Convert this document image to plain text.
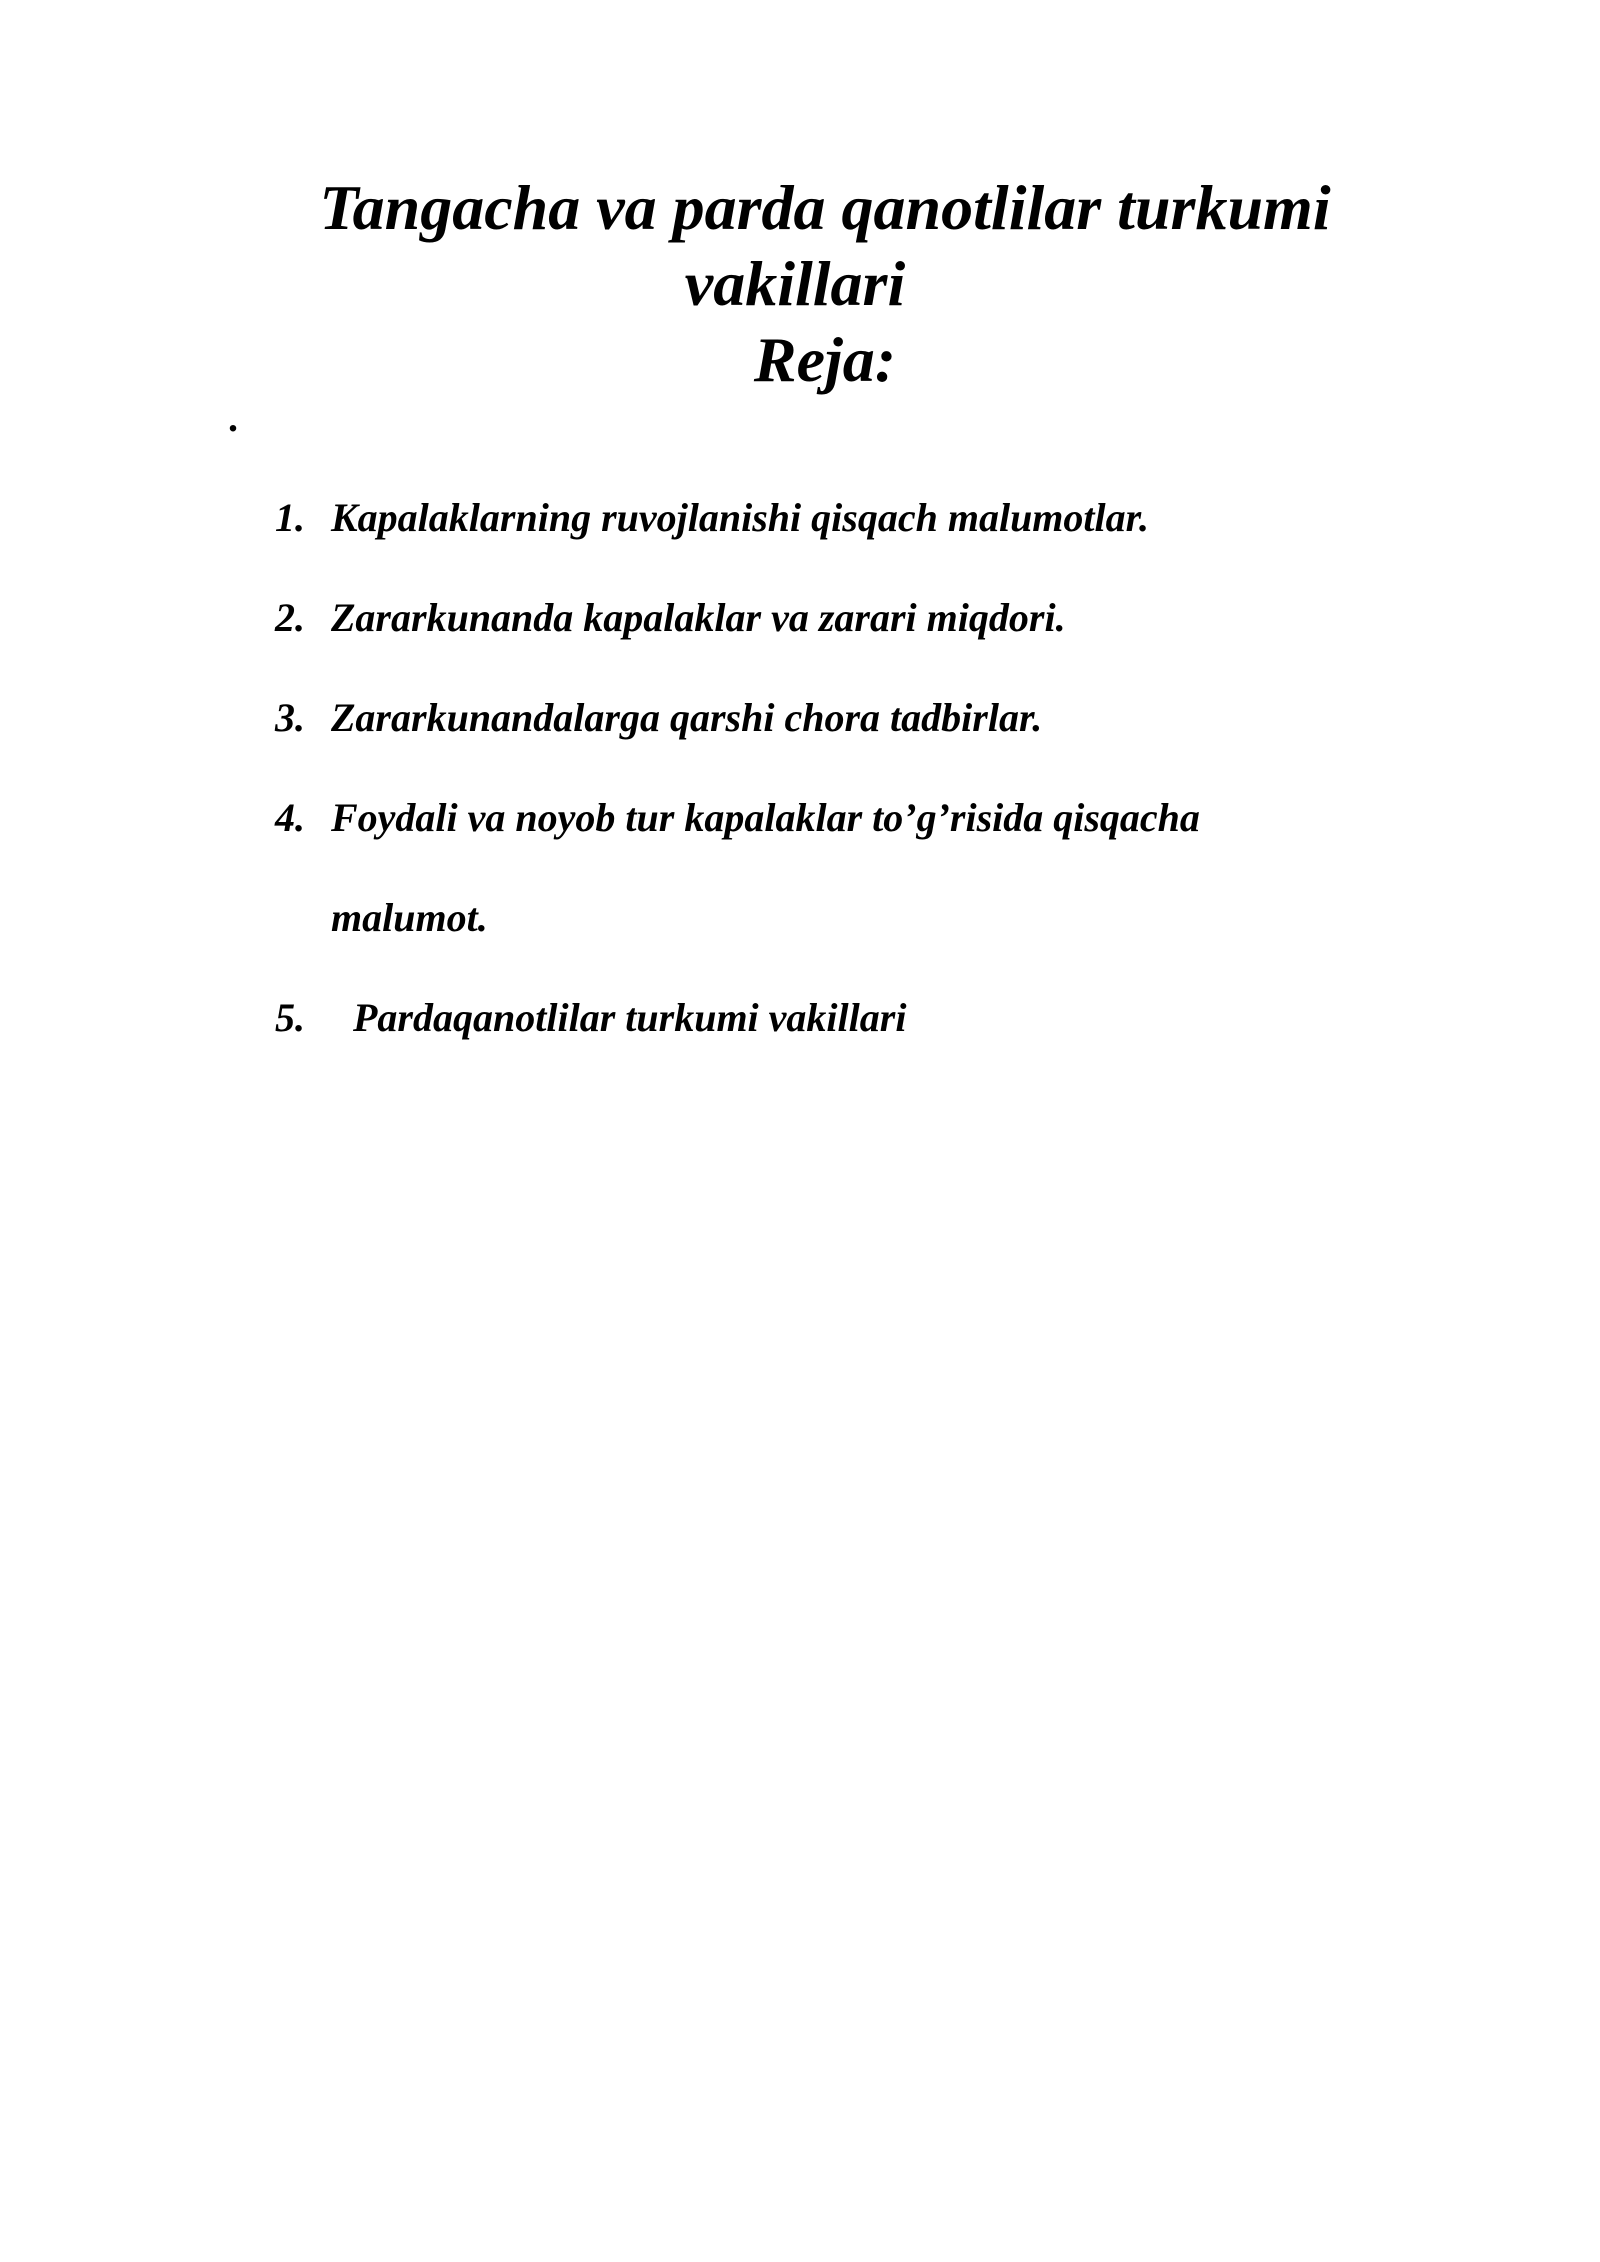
Tangacha va parda qanotlilar turkumi
vakillari
Reja:
.
1. Kapalaklarning ruvojlanishi qisqach malumotlar.
2. Zararkunanda kapalaklar va zarari miqdori.
3. Zararkunandalarga qarshi chora tadbirlar.
4. Foydali va noyob tur kapalaklar to’g’risida qisqacha
malumot.
5. Pardaqanotlilar turkumi vakillari
